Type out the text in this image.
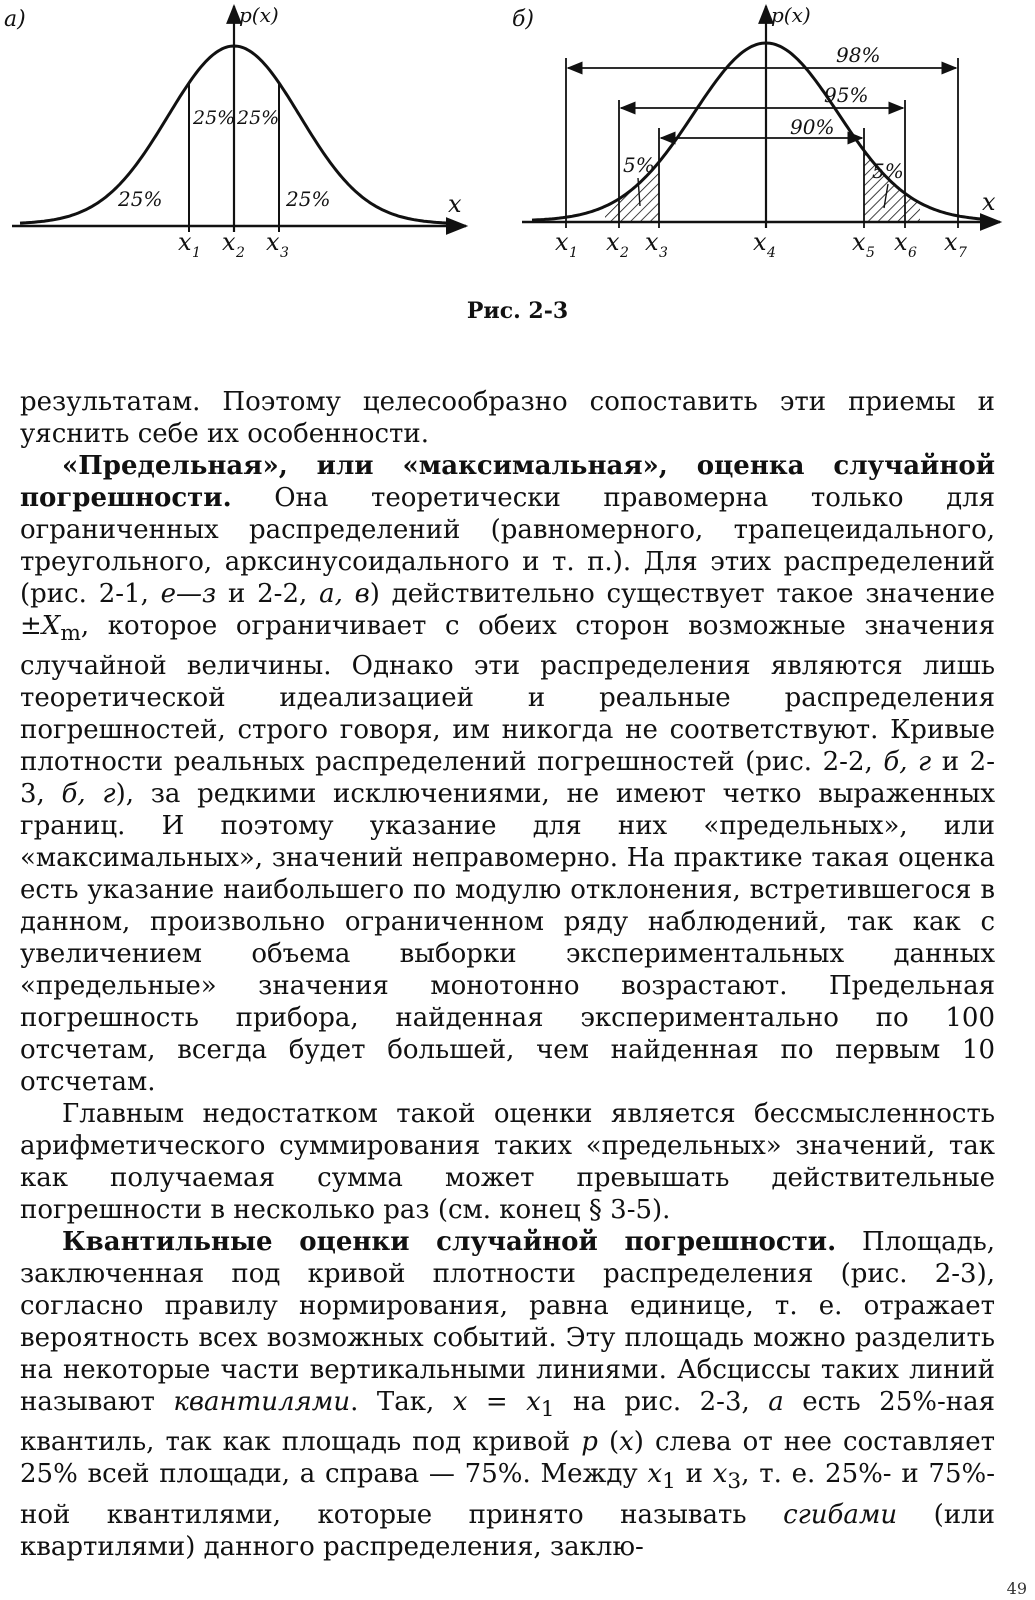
а)	p(x)
x
25%
25% 25%
25%
x 1 x 2 x 3
б)	p(x)
x
98%
95%
90%
5%	5%
x 1 x 2 x 3	x 4	x 5 x 6 x 7
Рис. 2-3

результатам. Поэтому целесообразно сопоставить эти приемы и уяснить себе их особенности.

«Предельная», или «максимальная», оценка случайной погрешности. Она теоретически правомерна только для ограниченных распределений (равномерного, трапецеидального, треугольного, арксинусоидального и т. п.). Для этих распределений (рис. 2-1, е—з и 2-2, а, в) действительно существует такое значение $\pm X_m$, которое ограничивает с обеих сторон возможные значения случайной величины. Однако эти распределения являются лишь теоретической идеализацией и реальные распределения погрешностей, строго говоря, им никогда не соответствуют. Кривые плотности реальных распределений погрешностей (рис. 2-2, б, г и 2-3, б, г), за редкими исключениями, не имеют четко выраженных границ. И поэтому указание для них «предельных», или «максимальных», значений неправомерно. На практике такая оценка есть указание наибольшего по модулю отклонения, встретившегося в данном, произвольно ограниченном ряду наблюдений, так как с увеличением объема выборки экспериментальных данных «предельные» значения монотонно возрастают. Предельная погрешность прибора, найденная экспериментально по 100 отсчетам, всегда будет большей, чем найденная по первым 10 отсчетам.

Главным недостатком такой оценки является бессмысленность арифметического суммирования таких «предельных» значений, так как получаемая сумма может превышать действительные погрешности в несколько раз (см. конец § 3-5).

Квантильные оценки случайной погрешности. Площадь, заключенная под кривой плотности распределения (рис. 2-3), согласно правилу нормирования, равна единице, т. е. отражает вероятность всех возможных событий. Эту площадь можно разделить на некоторые части вертикальными линиями. Абсциссы таких линий называют квантилями. Так, $x = x_1$ на рис. 2-3, а есть 25%-ная квантиль, так как площадь под кривой p (x) слева от нее составляет 25% всей площади, а справа — 75%. Между $x_1$ и $x_3$, т. е. 25%- и 75%-ной квантилями, которые принято называть сгибами (или квартилями) данного распределения, заклю-

49
